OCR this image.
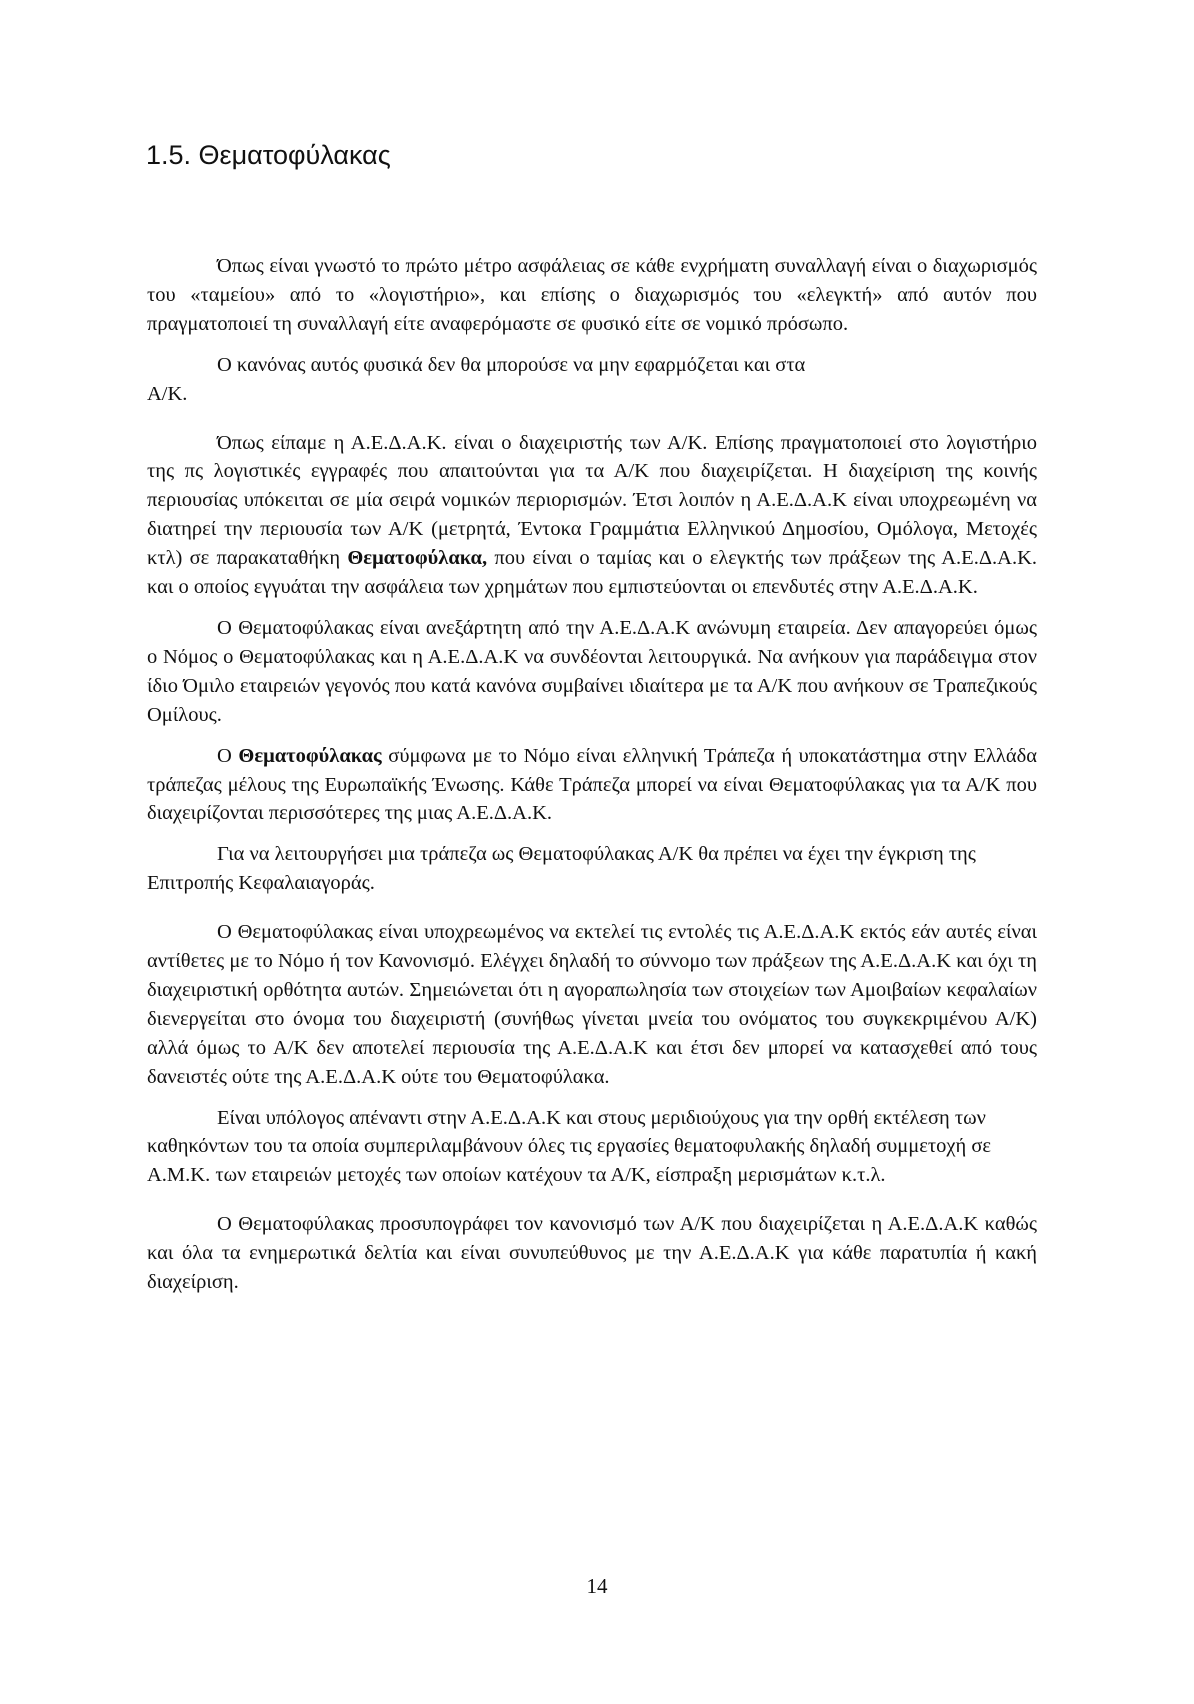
1.5. Θεματοφύλακας

Όπως είναι γνωστό το πρώτο μέτρο ασφάλειας σε κάθε ενχρήματη συναλλαγή είναι ο διαχωρισμός του «ταμείου» από το «λογιστήριο», και επίσης ο διαχωρισμός του «ελεγκτή» από αυτόν που πραγματοποιεί τη συναλλαγή είτε αναφερόμαστε σε φυσικό είτε σε νομικό πρόσωπο.

Ο κανόνας αυτός φυσικά δεν θα μπορούσε να μην εφαρμόζεται και στα

Α/Κ.

Όπως είπαμε η Α.Ε.Δ.Α.Κ. είναι ο διαχειριστής των Α/Κ. Επίσης πραγματοποιεί στο λογιστήριο της πς λογιστικές εγγραφές που απαιτούνται για τα Α/Κ που διαχειρίζεται. Η διαχείριση της κοινής περιουσίας υπόκειται σε μία σειρά νομικών περιορισμών. Έτσι λοιπόν η Α.Ε.Δ.Α.Κ είναι υποχρεωμένη να διατηρεί την περιουσία των Α/Κ (μετρητά, Έντοκα Γραμμάτια Ελληνικού Δημοσίου, Ομόλογα, Μετοχές κτλ) σε παρακαταθήκη Θεματοφύλακα, που είναι ο ταμίας και ο ελεγκτής των πράξεων της Α.Ε.Δ.Α.Κ. και ο οποίος εγγυάται την ασφάλεια των χρημάτων που εμπιστεύονται οι επενδυτές στην Α.Ε.Δ.Α.Κ.

Ο Θεματοφύλακας είναι ανεξάρτητη από την Α.Ε.Δ.Α.Κ ανώνυμη εταιρεία. Δεν απαγορεύει όμως ο Νόμος ο Θεματοφύλακας και η Α.Ε.Δ.Α.Κ να συνδέονται λειτουργικά. Να ανήκουν για παράδειγμα στον ίδιο Όμιλο εταιρειών γεγονός που κατά κανόνα συμβαίνει ιδιαίτερα με τα Α/Κ που ανήκουν σε Τραπεζικούς Ομίλους.

Ο Θεματοφύλακας σύμφωνα με το Νόμο είναι ελληνική Τράπεζα ή υποκατάστημα στην Ελλάδα τράπεζας μέλους της Ευρωπαϊκής Ένωσης. Κάθε Τράπεζα μπορεί να είναι Θεματοφύλακας για τα Α/Κ που διαχειρίζονται περισσότερες της μιας Α.Ε.Δ.Α.Κ.

Για να λειτουργήσει μια τράπεζα ως Θεματοφύλακας Α/Κ θα πρέπει να έχει την έγκριση της Επιτροπής Κεφαλαιαγοράς.

Ο Θεματοφύλακας είναι υποχρεωμένος να εκτελεί τις εντολές τις Α.Ε.Δ.Α.Κ εκτός εάν αυτές είναι αντίθετες με το Νόμο ή τον Κανονισμό. Ελέγχει δηλαδή το σύννομο των πράξεων της Α.Ε.Δ.Α.Κ και όχι τη διαχειριστική ορθότητα αυτών. Σημειώνεται ότι η αγοραπωλησία των στοιχείων των Αμοιβαίων κεφαλαίων διενεργείται στο όνομα του διαχειριστή (συνήθως γίνεται μνεία του ονόματος του συγκεκριμένου Α/Κ) αλλά όμως το Α/Κ δεν αποτελεί περιουσία της Α.Ε.Δ.Α.Κ και έτσι δεν μπορεί να κατασχεθεί από τους δανειστές ούτε της Α.Ε.Δ.Α.Κ ούτε του Θεματοφύλακα.

Είναι υπόλογος απέναντι στην Α.Ε.Δ.Α.Κ και στους μεριδιούχους για την ορθή εκτέλεση των καθηκόντων του τα οποία συμπεριλαμβάνουν όλες τις εργασίες θεματοφυλακής δηλαδή συμμετοχή σε Α.Μ.Κ. των εταιρειών μετοχές των οποίων κατέχουν τα Α/Κ, είσπραξη μερισμάτων κ.τ.λ.

Ο Θεματοφύλακας προσυπογράφει τον κανονισμό των Α/Κ που διαχειρίζεται η Α.Ε.Δ.Α.Κ καθώς και όλα τα ενημερωτικά δελτία και είναι συνυπεύθυνος με την Α.Ε.Δ.Α.Κ για κάθε παρατυπία ή κακή διαχείριση.

14
